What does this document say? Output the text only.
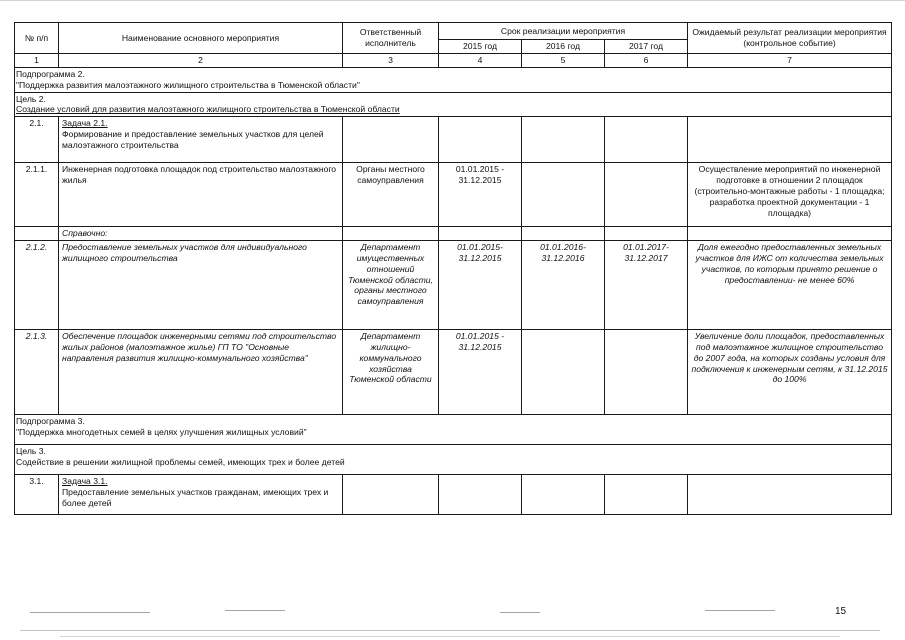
№ п/п	Наименование основного мероприятия	Ответственный исполнитель	Срок реализации мероприятия			Ожидаемый результат реализации мероприятия (контрольное событие)
			2015 год	2016 год	2017 год	
1	2	3	4	5	6	7

Подпрограмма 2.
"Поддержка развития малоэтажного жилищного строительства в Тюменской области"						

Цель 2.
Создание условий для развития малоэтажного жилищного строительства в Тюменской области						

2.1.	Задача 2.1.
Формирование и предоставление земельных участков для целей малоэтажного строительства					

2.1.1.	Инженерная подготовка площадок под строительство малоэтажного жилья	Органы местного самоуправления	01.01.2015 - 31.12.2015			Осуществление мероприятий по инженерной подготовке в отношении 2 площадок (строительно-монтажные работы - 1 площадка; разработка проектной документации - 1 площадка)
	Справочно:					
2.1.2.	Предоставление земельных участков для индивидуального жилищного строительства	Департамент имущественных отношений Тюменской области, органы местного самоуправления	01.01.2015- 31.12.2015	01.01.2016- 31.12.2016	01.01.2017- 31.12.2017	Доля ежегодно предоставленных земельных участков для ИЖС от количества земельных участков, по которым принято решение о предоставлении- не менее 60%
2.1.3.	Обеспечение площадок инженерными сетями под строительство жилых районов (малоэтажное жилье) ГП ТО "Основные направления развития жилищно-коммунального хозяйства"	Департамент жилищно-коммунального хозяйства Тюменской области	01.01.2015 - 31.12.2015			Увеличение доли площадок, предоставленных под малоэтажное жилищное строительство до 2007 года, на которых созданы условия для подключения к инженерным сетям, к 31.12.2015 до 100%

Подпрограмма 3.
"Поддержка многодетных семей в целях улучшения жилищных условий"						

Цель 3.
Содействие в решении жилищной проблемы семей, имеющих трех и более детей						

3.1.	Задача 3.1.
Предоставление земельных участков гражданам, имеющих трех и более детей					

15
